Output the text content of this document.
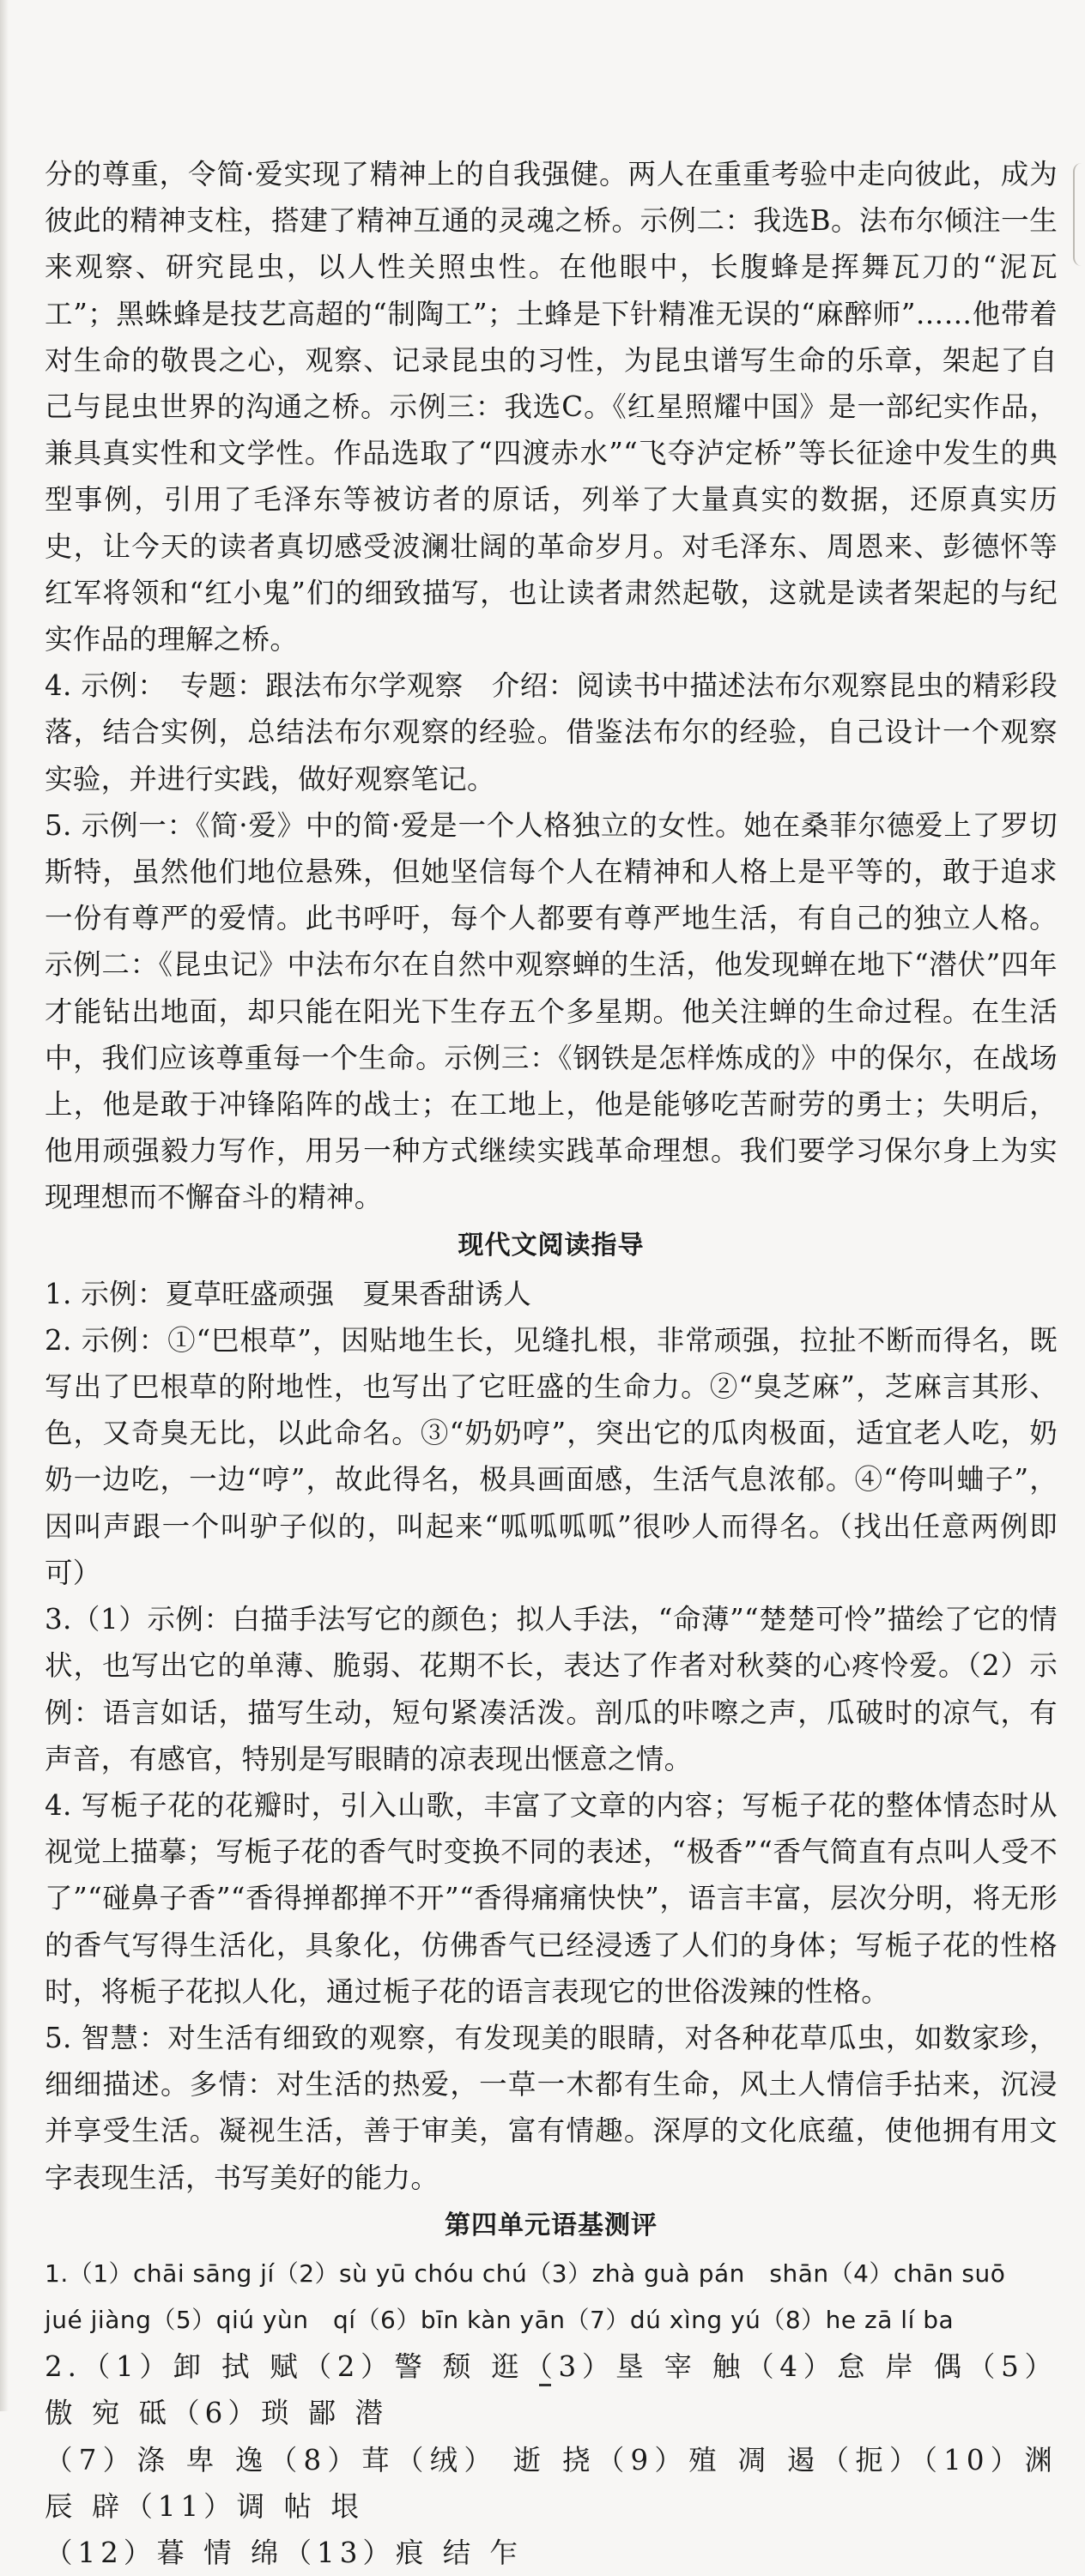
分的尊重，令简·爱实现了精神上的自我强健。两人在重重考验中走向彼此，成为彼此的精神支柱，搭建了精神互通的灵魂之桥。示例二：我选B。法布尔倾注一生来观察、研究昆虫，以人性关照虫性。在他眼中，长腹蜂是挥舞瓦刀的“泥瓦工”；黑蛛蜂是技艺高超的“制陶工”；土蜂是下针精准无误的“麻醉师”……他带着对生命的敬畏之心，观察、记录昆虫的习性，为昆虫谱写生命的乐章，架起了自己与昆虫世界的沟通之桥。示例三：我选C。《红星照耀中国》是一部纪实作品，兼具真实性和文学性。作品选取了“四渡赤水”“飞夺泸定桥”等长征途中发生的典型事例，引用了毛泽东等被访者的原话，列举了大量真实的数据，还原真实历史，让今天的读者真切感受波澜壮阔的革命岁月。对毛泽东、周恩来、彭德怀等红军将领和“红小鬼”们的细致描写，也让读者肃然起敬，这就是读者架起的与纪实作品的理解之桥。

4. 示例：　专题：跟法布尔学观察　介绍：阅读书中描述法布尔观察昆虫的精彩段落，结合实例，总结法布尔观察的经验。借鉴法布尔的经验，自己设计一个观察实验，并进行实践，做好观察笔记。

5. 示例一：《简·爱》中的简·爱是一个人格独立的女性。她在桑菲尔德爱上了罗切斯特，虽然他们地位悬殊，但她坚信每个人在精神和人格上是平等的，敢于追求一份有尊严的爱情。此书呼吁，每个人都要有尊严地生活，有自己的独立人格。示例二：《昆虫记》中法布尔在自然中观察蝉的生活，他发现蝉在地下“潜伏”四年才能钻出地面，却只能在阳光下生存五个多星期。他关注蝉的生命过程。在生活中，我们应该尊重每一个生命。示例三：《钢铁是怎样炼成的》中的保尔，在战场上，他是敢于冲锋陷阵的战士；在工地上，他是能够吃苦耐劳的勇士；失明后，他用顽强毅力写作，用另一种方式继续实践革命理想。我们要学习保尔身上为实现理想而不懈奋斗的精神。

现代文阅读指导

1. 示例：夏草旺盛顽强　夏果香甜诱人

2. 示例：①“巴根草”，因贴地生长，见缝扎根，非常顽强，拉扯不断而得名，既写出了巴根草的附地性，也写出了它旺盛的生命力。②“臭芝麻”，芝麻言其形、色，又奇臭无比，以此命名。③“奶奶哼”，突出它的瓜肉极面，适宜老人吃，奶奶一边吃，一边“哼”，故此得名，极具画面感，生活气息浓郁。④“侉叫蛐子”，因叫声跟一个叫驴子似的，叫起来“呱呱呱呱”很吵人而得名。（找出任意两例即可）

3.（1）示例：白描手法写它的颜色；拟人手法，“命薄”“楚楚可怜”描绘了它的情状，也写出它的单薄、脆弱、花期不长，表达了作者对秋葵的心疼怜爱。（2）示例：语言如话，描写生动，短句紧凑活泼。剖瓜的咔嚓之声，瓜破时的凉气，有声音，有感官，特别是写眼睛的凉表现出惬意之情。

4. 写栀子花的花瓣时，引入山歌，丰富了文章的内容；写栀子花的整体情态时从视觉上描摹；写栀子花的香气时变换不同的表述，“极香”“香气简直有点叫人受不了”“碰鼻子香”“香得掸都掸不开”“香得痛痛快快”，语言丰富，层次分明，将无形的香气写得生活化，具象化，仿佛香气已经浸透了人们的身体；写栀子花的性格时，将栀子花拟人化，通过栀子花的语言表现它的世俗泼辣的性格。

5. 智慧：对生活有细致的观察，有发现美的眼睛，对各种花草瓜虫，如数家珍，细细描述。多情：对生活的热爱，一草一木都有生命，风土人情信手拈来，沉浸并享受生活。凝视生活，善于审美，富有情趣。深厚的文化底蕴，使他拥有用文字表现生活，书写美好的能力。

第四单元语基测评

1.（1）chāi sāng jí（2）sù yū chóu chú（3）zhà guà pán　shān（4）chān suō

jué jiàng（5）qiú yùn　qí（6）bīn kàn yān（7）dú xìng yú（8）he zā lí ba

2.（1）卸 拭 赋（2）警 颓 逛（3）垦 宰 触（4）怠 岸 偶（5）傲 宛 砥（6）琐 鄙 潜

（7）涤 卑 逸（8）茸（绒） 逝 挠（9）殖 凋 遏（扼）（10）渊 辰 辟（11）调 帖 垠

（12）暮 情 绵（13）痕 结 乍
